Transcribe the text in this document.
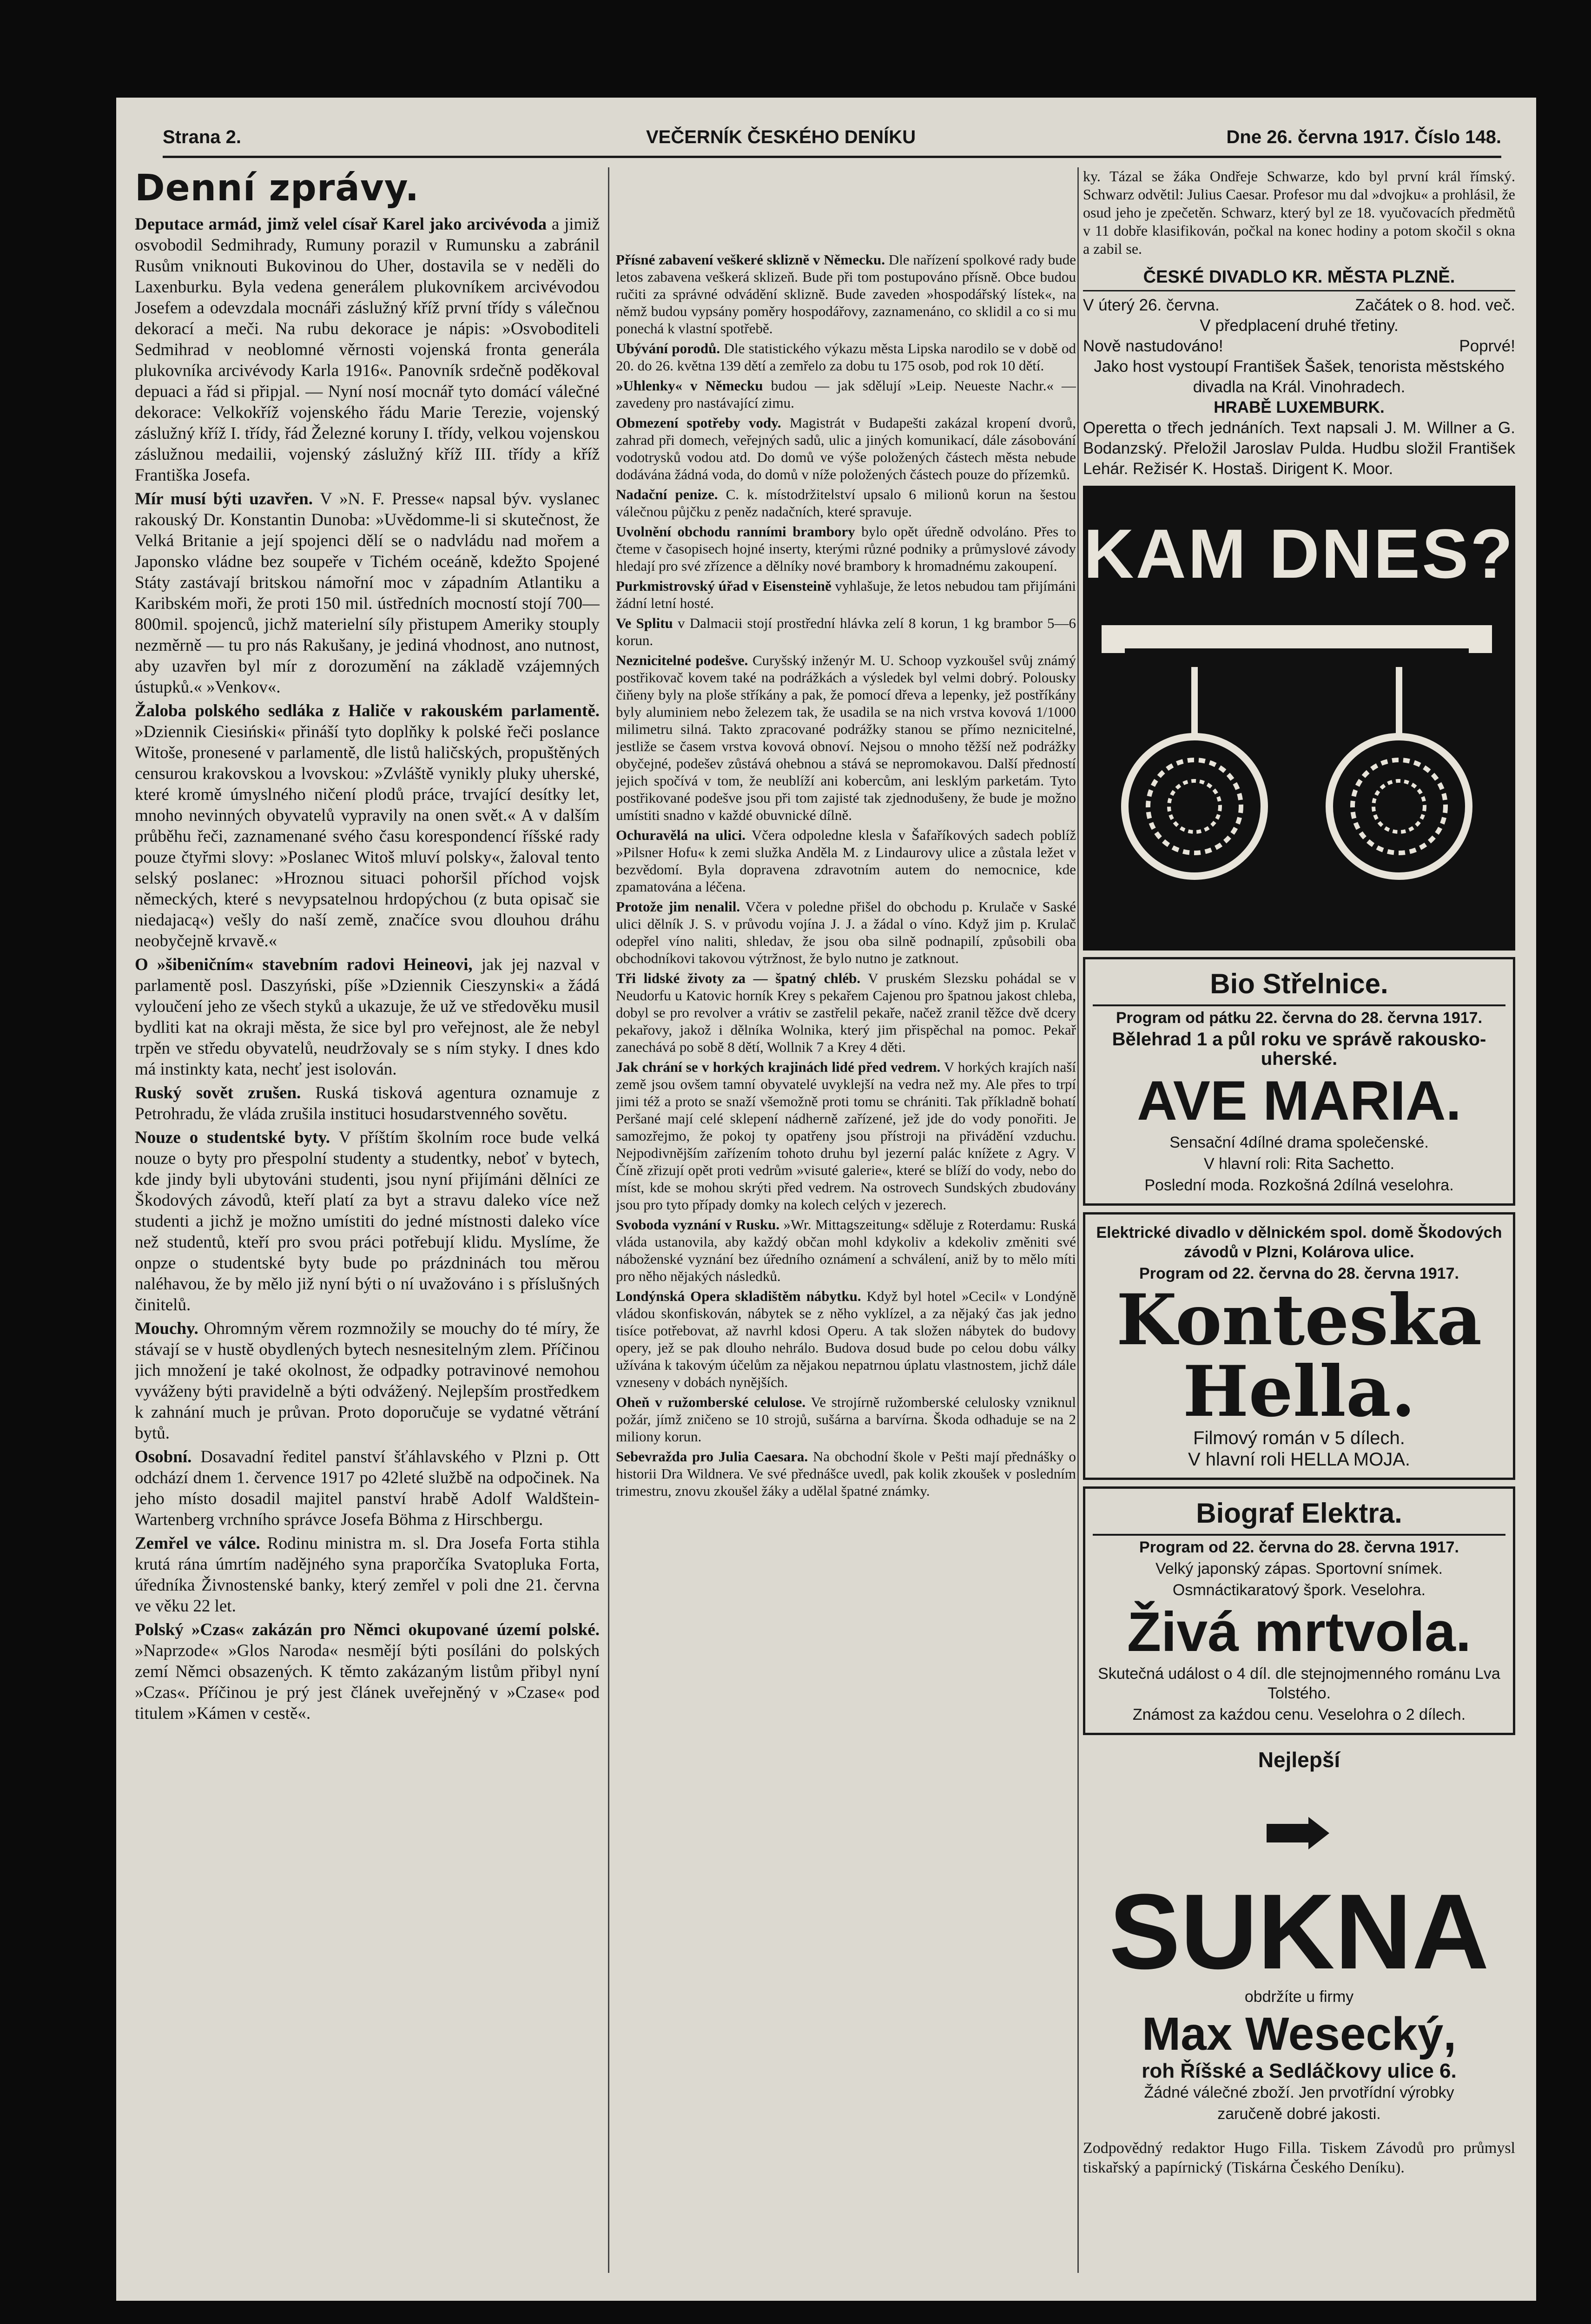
Strana 2.	VEČERNÍK ČESKÉHO DENÍKU	Dne 26. června 1917. Číslo 148.
Denní zprávy.

Deputace armád, jimž velel císař Karel jako arcivévoda a jimiž osvobodil Sedmihrady, Rumuny porazil v Rumunsku a zabránil Rusům vniknouti Bukovinou do Uher, dostavila se v neděli do Laxenburku. Byla vedena generálem plukovníkem arcivévodou Josefem a odevzdala mocnáři záslužný kříž první třídy s válečnou dekorací a meči. Na rubu dekorace je nápis: »Osvoboditeli Sedmihrad v neoblomné věrnosti vojenská fronta generála plukovníka arcivévody Karla 1916«. Panovník srdečně poděkoval depuaci a řád si připjal. — Nyní nosí mocnář tyto domácí válečné dekorace: Velkokříž vojenského řádu Marie Terezie, vojenský záslužný kříž I. třídy, řád Železné koruny I. třídy, velkou vojenskou záslužnou medailii, vojenský záslužný kříž III. třídy a kříž Františka Josefa.

Mír musí býti uzavřen. V »N. F. Presse« napsal býv. vyslanec rakouský Dr. Konstantin Dunoba: »Uvědomme-li si skutečnost, že Velká Britanie a její spojenci dělí se o nadvládu nad mořem a Japonsko vládne bez soupeře v Tichém oceáně, kdežto Spojené Státy zastávají britskou námořní moc v západním Atlantiku a Karibském moři, že proti 150 mil. ústředních mocností stojí 700—800mil. spojenců, jichž materielní síly přistupem Ameriky stouply nezměrně — tu pro nás Rakušany, je jediná vhodnost, ano nutnost, aby uzavřen byl mír z dorozumění na základě vzájemných ústupků.« »Venkov«.

Žaloba polského sedláka z Haliče v rakouském parlamentě. »Dziennik Ciesiński« přináší tyto doplňky k polské řeči poslance Witoše, pronesené v parlamentě, dle listů haličských, propuštěných censurou krakovskou a lvovskou: »Zvláště vynikly pluky uherské, které kromě úmyslného ničení plodů práce, trvající desítky let, mnoho nevinných obyvatelů vypravily na onen svět.« A v dalším průběhu řeči, zaznamenané svého času korespondencí říšské rady pouze čtyřmi slovy: »Poslanec Witoš mluví polsky«, žaloval tento selský poslanec: »Hroznou situaci pohoršil příchod vojsk německých, které s nevypsatelnou hrdopýchou (z buta opisač sie niedajacą«) vešly do naší země, značíce svou dlouhou dráhu neobyčejně krvavě.«

O »šibeničním« stavebním radovi Heineovi, jak jej nazval v parlamentě posl. Daszyński, píše »Dziennik Cieszynski« a žádá vyloučení jeho ze všech styků a ukazuje, že už ve středověku musil bydliti kat na okraji města, že sice byl pro veřejnost, ale že nebyl trpěn ve středu obyvatelů, neudržovaly se s ním styky. I dnes kdo má instinkty kata, nechť jest isolován.

Ruský sovět zrušen. Ruská tisková agentura oznamuje z Petrohradu, že vláda zrušila instituci hosudarstvenného sovětu.

Nouze o studentské byty. V příštím školním roce bude velká nouze o byty pro přespolní studenty a studentky, neboť v bytech, kde jindy byli ubytováni studenti, jsou nyní přijímáni dělníci ze Škodových závodů, kteří platí za byt a stravu daleko více než studenti a jichž je možno umístiti do jedné místnosti daleko více než studentů, kteří pro svou práci potřebují klidu. Myslíme, že onpze o studentské byty bude po prázdninách tou měrou naléhavou, že by mělo již nyní býti o ní uvažováno i s příslušných činitelů.

Mouchy. Ohromným věrem rozmnožily se mouchy do té míry, že stávají se v hustě obydlených bytech nesnesitelným zlem. Příčinou jich množení je také okolnost, že odpadky potravinové nemohou vyváženy býti pravidelně a býti odvážený. Nejlepším prostředkem k zahnání much je průvan. Proto doporučuje se vydatné větrání bytů.

Osobní. Dosavadní ředitel panství šťáhlavského v Plzni p. Ott odchází dnem 1. července 1917 po 42leté službě na odpočinek. Na jeho místo dosadil majitel panství hrabě Adolf Waldštein-Wartenberg vrchního správce Josefa Böhma z Hirschbergu.

Zemřel ve válce. Rodinu ministra m. sl. Dra Josefa Forta stihla krutá rána úmrtím nadějného syna praporčíka Svatopluka Forta, úředníka Živnostenské banky, který zemřel v poli dne 21. června ve věku 22 let.

Polský »Czas« zakázán pro Němci okupované území polské. »Naprzode« »Glos Naroda« nesmějí býti posíláni do polských zemí Němci obsazených. K těmto zakázaným listům přibyl nyní »Czas«. Příčinou je prý jest článek uveřejněný v »Czase« pod titulem »Kámen v cestě«.

Přísné zabavení veškeré skliznĕ v Německu. Dle nařízení spolkové rady bude letos zabavena veškerá sklizeň. Bude při tom postupováno přísně. Obce budou ručiti za správné odvádění sklizně. Bude zaveden »hospodářský lístek«, na němž budou vypsány poměry hospodářovy, zaznamenáno, co sklidil a co si mu ponechá k vlastní spotřebě.

Ubývání porodů. Dle statistického výkazu města Lipska narodilo se v době od 20. do 26. května 139 dětí a zemřelo za dobu tu 175 osob, pod rok 10 dětí.

»Uhlenky« v Německu budou — jak sdělují »Leip. Neueste Nachr.« — zavedeny pro nastávající zimu.

Obmezení spotřeby vody. Magistrát v Budapešti zakázal kropení dvorů, zahrad při domech, veřejných sadů, ulic a jiných komunikací, dále zásobování vodotrysků vodou atd. Do domů ve výše položených částech města nebude dodávána žádná voda, do domů v níže položených částech pouze do přízemků.

Nadační penize. C. k. místodržitelství upsalo 6 milionů korun na šestou válečnou půjčku z peněz nadačních, které spravuje.

Uvolnění obchodu ranními brambory bylo opět úředně odvoláno. Přes to čteme v časopisech hojné inserty, kterými různé podniky a průmyslové závody hledají pro své zřízence a dělníky nové brambory k hromadnému zakoupení.

Purkmistrovský úřad v Eisensteině vyhlašuje, že letos nebudou tam přijímáni žádní letní hosté.

Ve Splitu v Dalmacii stojí prostřední hlávka zelí 8 korun, 1 kg brambor 5—6 korun.

Neznicitelné podešve. Curyšský inženýr M. U. Schoop vyzkoušel svůj známý postřikovač kovem také na podrážkách a výsledek byl velmi dobrý. Polousky čiňeny byly na ploše stříkány a pak, že pomocí dřeva a lepenky, jež postříkány byly aluminiem nebo železem tak, že usadila se na nich vrstva kovová 1/1000 milimetru silná. Takto zpracované podrážky stanou se přímo neznicitelné, jestliže se časem vrstva kovová obnoví. Nejsou o mnoho těžší než podrážky obyčejné, podešev zůstává ohebnou a stává se nepromokavou. Další předností jejich spočívá v tom, že neublíží ani kobercům, ani lesklým parketám. Tyto postřikované podešve jsou při tom zajisté tak zjednodušeny, že bude je možno umístiti snadno v každé obuvnické dílně.

Ochuravělá na ulici. Včera odpoledne klesla v Šafaříkových sadech poblíž »Pilsner Hofu« k zemi služka Anděla M. z Lindaurovy ulice a zůstala ležet v bezvědomí. Byla dopravena zdravotním autem do nemocnice, kde zpamatována a léčena.

Protože jim nenalil. Včera v poledne přišel do obchodu p. Krulače v Saské ulici dělník J. S. v průvodu vojína J. J. a žádal o víno. Když jim p. Krulač odepřel víno naliti, shledav, že jsou oba silně podnapilí, způsobili oba obchodníkovi takovou výtržnost, že bylo nutno je zatknout.

Tři lidské životy za — špatný chléb. V pruském Slezsku pohádal se v Neudorfu u Katovic horník Krey s pekařem Cajenou pro špatnou jakost chleba, dobyl se pro revolver a vrátiv se zastřelil pekaře, načež zranil těžce dvě dcery pekařovy, jakož i dělníka Wolnika, který jim přispěchal na pomoc. Pekař zanechává po sobě 8 dětí, Wollnik 7 a Krey 4 děti.

Jak chrání se v horkých krajinách lidé před vedrem. V horkých krajích naší země jsou ovšem tamní obyvatelé uvyklejší na vedra než my. Ale přes to trpí jimi též a proto se snaží všemožně proti tomu se chrániti. Tak příkladně bohatí Peršané mají celé sklepení nádherně zařízené, jež jde do vody ponořiti. Je samozřejmo, že pokoj ty opatřeny jsou přístroji na přivádění vzduchu. Nejpodivnějším zařízením tohoto druhu byl jezerní palác knížete z Agry. V Číně zřizují opět proti vedrům »visuté galerie«, které se blíží do vody, nebo do míst, kde se mohou skrýti před vedrem. Na ostrovech Sundských zbudovány jsou pro tyto případy domky na kolech celých v jezerech.

Svoboda vyznání v Rusku. »Wr. Mittagszeitung« sděluje z Roterdamu: Ruská vláda ustanovila, aby každý občan mohl kdykoliv a kdekoliv změniti své náboženské vyznání bez úředního oznámení a schválení, aniž by to mělo míti pro něho nějakých následků.

Londýnská Opera skladištěm nábytku. Když byl hotel »Cecil« v Londýně vládou skonfiskován, nábytek se z něho vyklízel, a za nějaký čas jak jedno tisíce potřebovat, až navrhl kdosi Operu. A tak složen nábytek do budovy opery, jež se pak dlouho nehrálo. Budova dosud bude po celou dobu války užívána k takovým účelům za nějakou nepatrnou úplatu vlastnostem, jichž dále vzneseny v dobách nynějších.

Oheň v ružomberské celulose. Ve strojírně ružomberské celulosky vzniknul požár, jímž zničeno se 10 strojů, sušárna a barvírna. Škoda odhaduje se na 2 miliony korun.

Sebevražda pro Julia Caesara. Na obchodní škole v Pešti mají přednášky o historii Dra Wildnera. Ve své přednášce uvedl, pak kolik zkoušek v posledním trimestru, znovu zkoušel žáky a udělal špatné známky.

ky. Tázal se žáka Ondřeje Schwarze, kdo byl první král římský. Schwarz odvětil: Julius Caesar. Profesor mu dal »dvojku« a prohlásil, že osud jeho je zpečetěn. Schwarz, který byl ze 18. vyučovacích předmětů v 11 dobře klasifikován, počkal na konec hodiny a potom skočil s okna a zabil se.

ČESKÉ DIVADLO KR. MĚSTA PLZNĚ.

V úterý 26. června.	Začátek o 8. hod. več.

V předplacení druhé třetiny.

Nově nastudováno!	Poprvé!

Jako host vystoupí František Šašek, tenorista městského divadla na Král. Vinohradech.

HRABĚ LUXEMBURK.

Operetta o třech jednáních. Text napsali J. M. Willner a G. Bodanzský. Přeložil Jaroslav Pulda. Hudbu složil František Lehár. Režisér K. Hostaš. Dirigent K. Moor.

KAM DNES?

Bio Střelnice.

Program od pátku 22. června do 28. června 1917.

Bělehrad 1 a půl roku ve správě rakousko-uherské.

AVE MARIA.

Sensační 4dílné drama společenské.

V hlavní roli: Rita Sachetto.

Poslední moda. Rozkošná 2dílná veselohra.

Elektrické divadlo v dělnickém spol. domě Škodových závodů v Plzni, Kolárova ulice.

Program od 22. června do 28. června 1917.

Konteska

Hella.

Filmový román v 5 dílech.

V hlavní roli HELLA MOJA.

Biograf Elektra.

Program od 22. června do 28. června 1917.

Velký japonský zápas. Sportovní snímek.

Osmnáctikaratový špork. Veselohra.

Živá mrtvola.

Skutečná událost o 4 díl. dle stejnojmenného románu Lva Tolstého.

Známost za kaźdou cenu. Veselohra o 2 dílech.

Nejlepší

SUKNA

obdržíte u firmy

Max Wesecký,

roh Říšské a Sedláčkovy ulice 6.

Žádné válečné zboží. Jen prvotřídní výrobky

zaručeně dobré jakosti.

Zodpovědný redaktor Hugo Filla. Tiskem Závodů pro průmysl tiskařský a papírnický (Tiskárna Českého Deníku).
